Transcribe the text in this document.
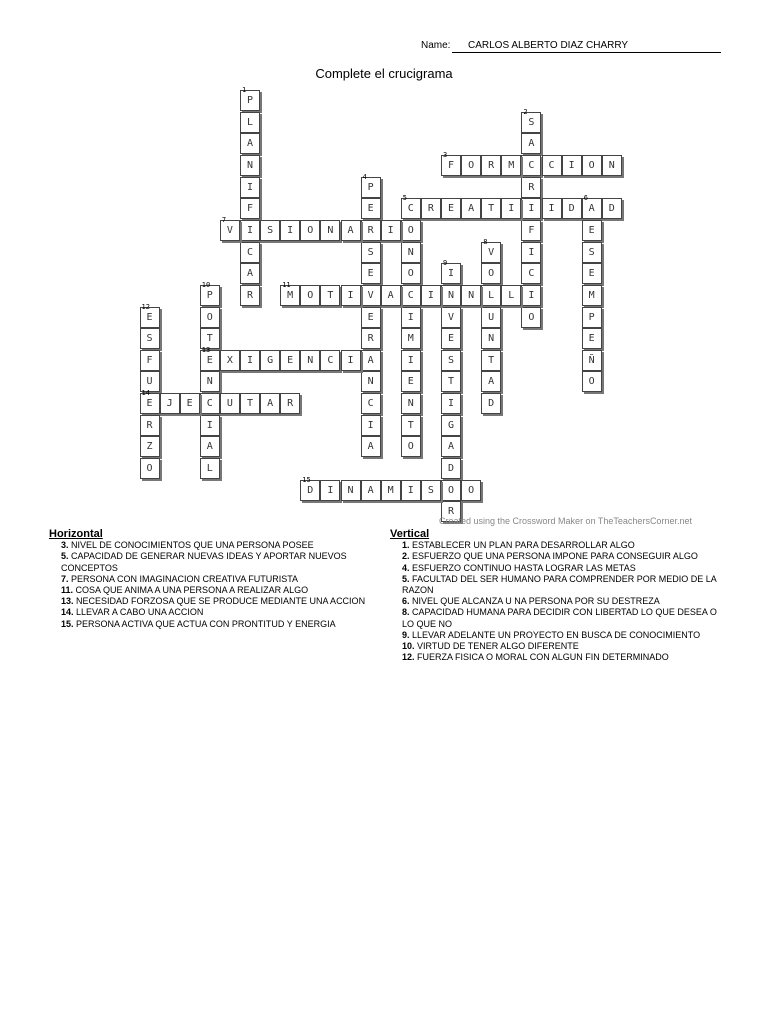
Name:	CARLOS ALBERTO DIAZ CHARRY
Complete el crucigrama
1
P
L
A
N
I
F
I
C
A
R
2
S
A
C
R
I
F
I
C
I
O
3
F	O	R	M	C	I	O	N
4
P
E
R
S
E
V
E
R
A
N
C
I
A
5
C	R	E	A	T	I	I	D
6
A	D
O
N
O
C
I
M
I
E
N
T
O
E
S
E
M
P
E
Ñ
O
7
V	S	I	O	N	A	I
8
V
O
L
U
N
T
A
D
9
I
N
V
E
S
T
I
G
A
D
O
R
10
P
O
T
13
E
N
C
I
A
L
11
M	O	T	I	A	I	N	L
12
E
S
F
U
14
E
R
Z
O
X	I	G	E	N	C	I
J	E	U	T	A	R
15
D	I	N	A	M	I	S	O
Created using the Crossword Maker on TheTeachersCorner.net
Horizontal
3. NIVEL DE CONOCIMIENTOS QUE UNA PERSONA POSEE
5. CAPACIDAD DE GENERAR NUEVAS IDEAS Y APORTAR NUEVOS CONCEPTOS
7. PERSONA CON IMAGINACION CREATIVA FUTURISTA
11. COSA QUE ANIMA A UNA PERSONA A REALIZAR ALGO
13. NECESIDAD FORZOSA QUE SE PRODUCE MEDIANTE UNA ACCION
14. LLEVAR A CABO UNA ACCION
15. PERSONA ACTIVA QUE ACTUA CON PRONTITUD Y ENERGIA
Vertical
1. ESTABLECER UN PLAN PARA DESARROLLAR ALGO
2. ESFUERZO QUE UNA PERSONA IMPONE PARA CONSEGUIR ALGO
4. ESFUERZO CONTINUO HASTA LOGRAR LAS METAS
5. FACULTAD DEL SER HUMANO PARA COMPRENDER POR MEDIO DE LA RAZON
6. NIVEL QUE ALCANZA U NA PERSONA POR SU DESTREZA
8. CAPACIDAD HUMANA PARA DECIDIR CON LIBERTAD LO QUE DESEA O LO QUE NO
9. LLEVAR ADELANTE UN PROYECTO EN BUSCA DE CONOCIMIENTO
10. VIRTUD DE TENER ALGO DIFERENTE
12. FUERZA FISICA O MORAL CON ALGUN FIN DETERMINADO
